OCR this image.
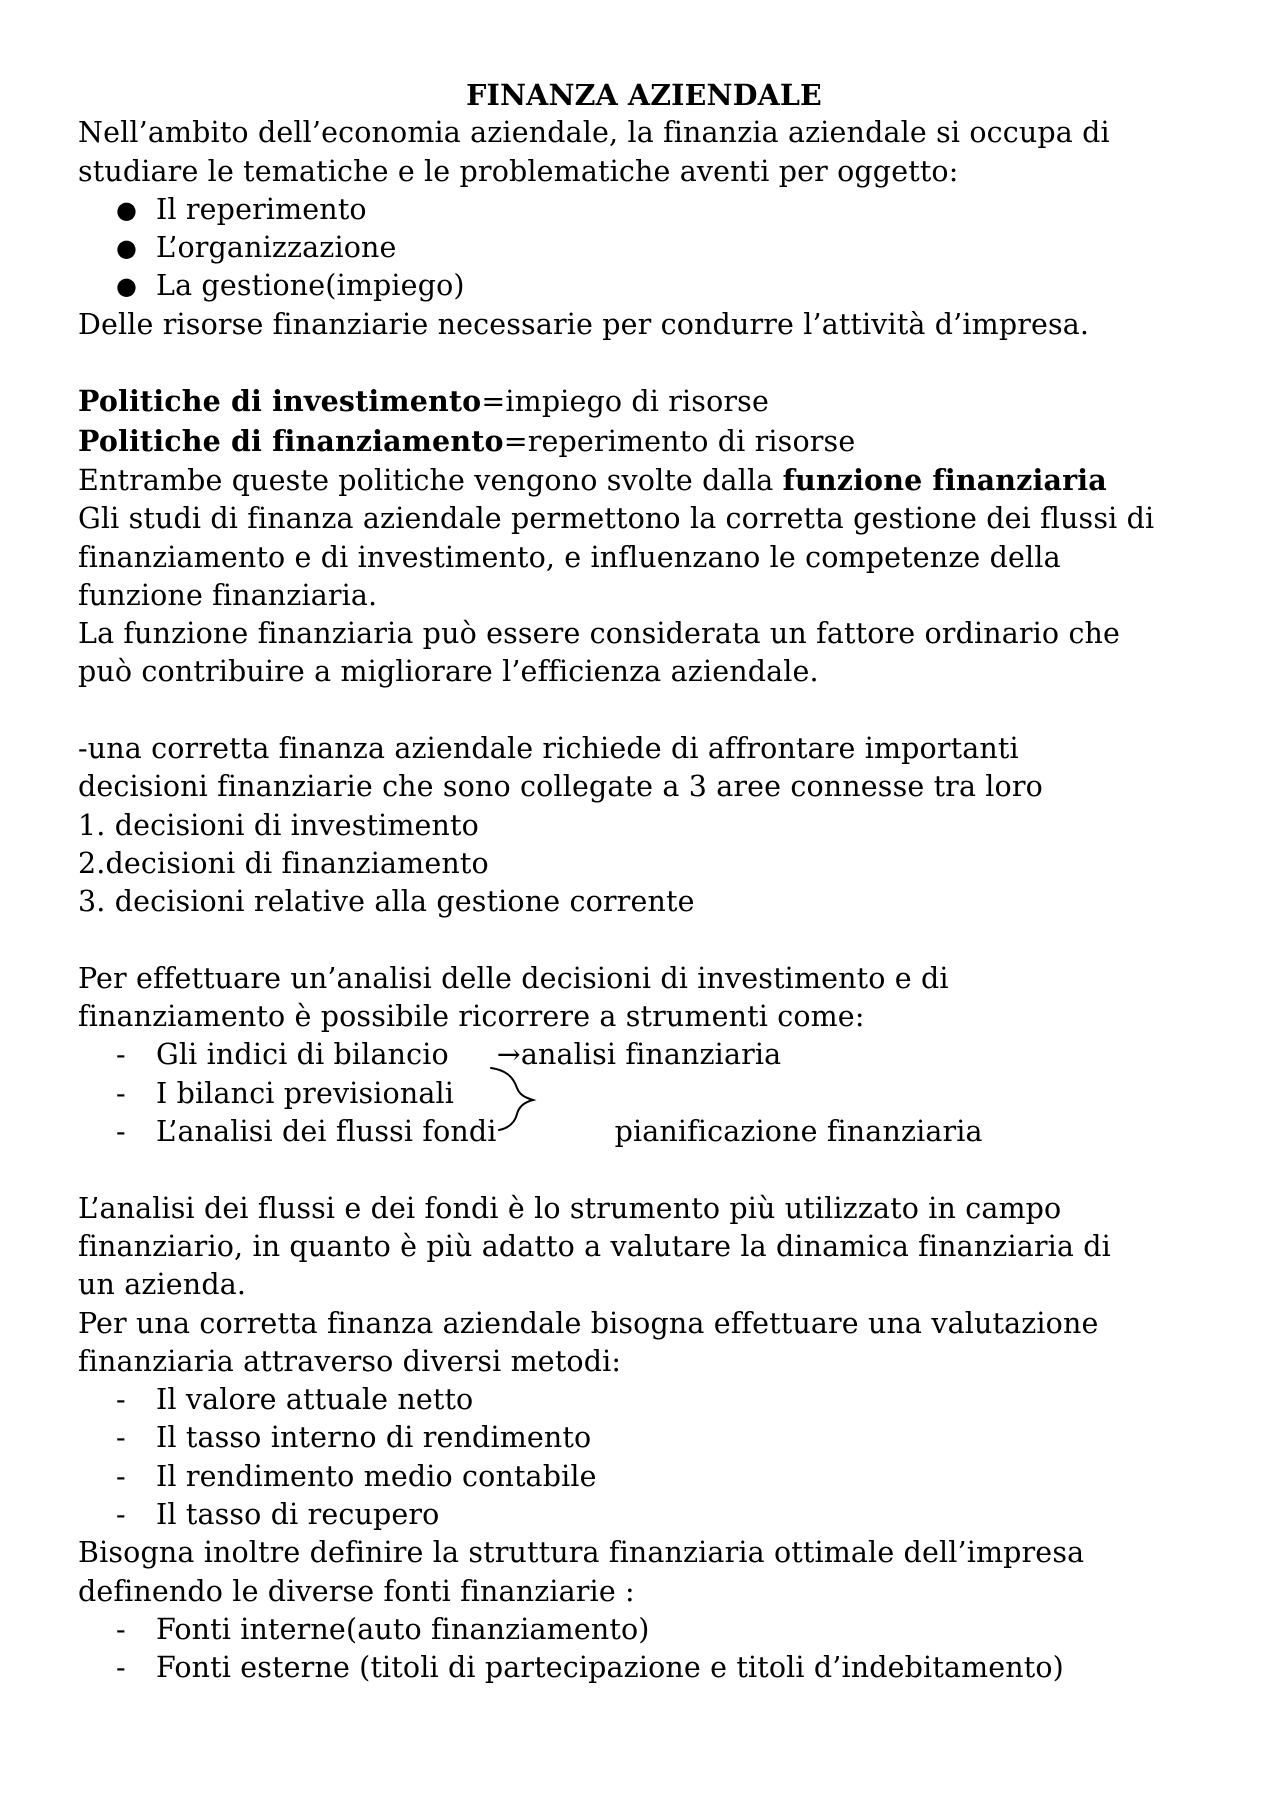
FINANZA AZIENDALE

Nell’ambito dell’economia aziendale, la finanzia aziendale si occupa di

studiare le tematiche e le problematiche aventi per oggetto:

● Il reperimento
● L’organizzazione
● La gestione(impiego)

Delle risorse finanziarie necessarie per condurre l’attività d’impresa.

Politiche di investimento=impiego di risorse

Politiche di finanziamento=reperimento di risorse

Entrambe queste politiche vengono svolte dalla funzione finanziaria

Gli studi di finanza aziendale permettono la corretta gestione dei flussi di

finanziamento e di investimento, e influenzano le competenze della

funzione finanziaria.

La funzione finanziaria può essere considerata un fattore ordinario che

può contribuire a migliorare l’efficienza aziendale.

-una corretta finanza aziendale richiede di affrontare importanti

decisioni finanziarie che sono collegate a 3 aree connesse tra loro

1. decisioni di investimento

2.decisioni di finanziamento

3. decisioni relative alla gestione corrente

Per effettuare un’analisi delle decisioni di investimento e di

finanziamento è possibile ricorrere a strumenti come:

- Gli indici di bilancio →analisi finanziaria
- I bilanci previsionali
- L’analisi dei flussi fondi	pianificazione finanziaria

L’analisi dei flussi e dei fondi è lo strumento più utilizzato in campo

finanziario, in quanto è più adatto a valutare la dinamica finanziaria di

un azienda.

Per una corretta finanza aziendale bisogna effettuare una valutazione

finanziaria attraverso diversi metodi:

- Il valore attuale netto
- Il tasso interno di rendimento
- Il rendimento medio contabile
- Il tasso di recupero

Bisogna inoltre definire la struttura finanziaria ottimale dell’impresa

definendo le diverse fonti finanziarie :

- Fonti interne(auto finanziamento)
- Fonti esterne (titoli di partecipazione e titoli d’indebitamento)
